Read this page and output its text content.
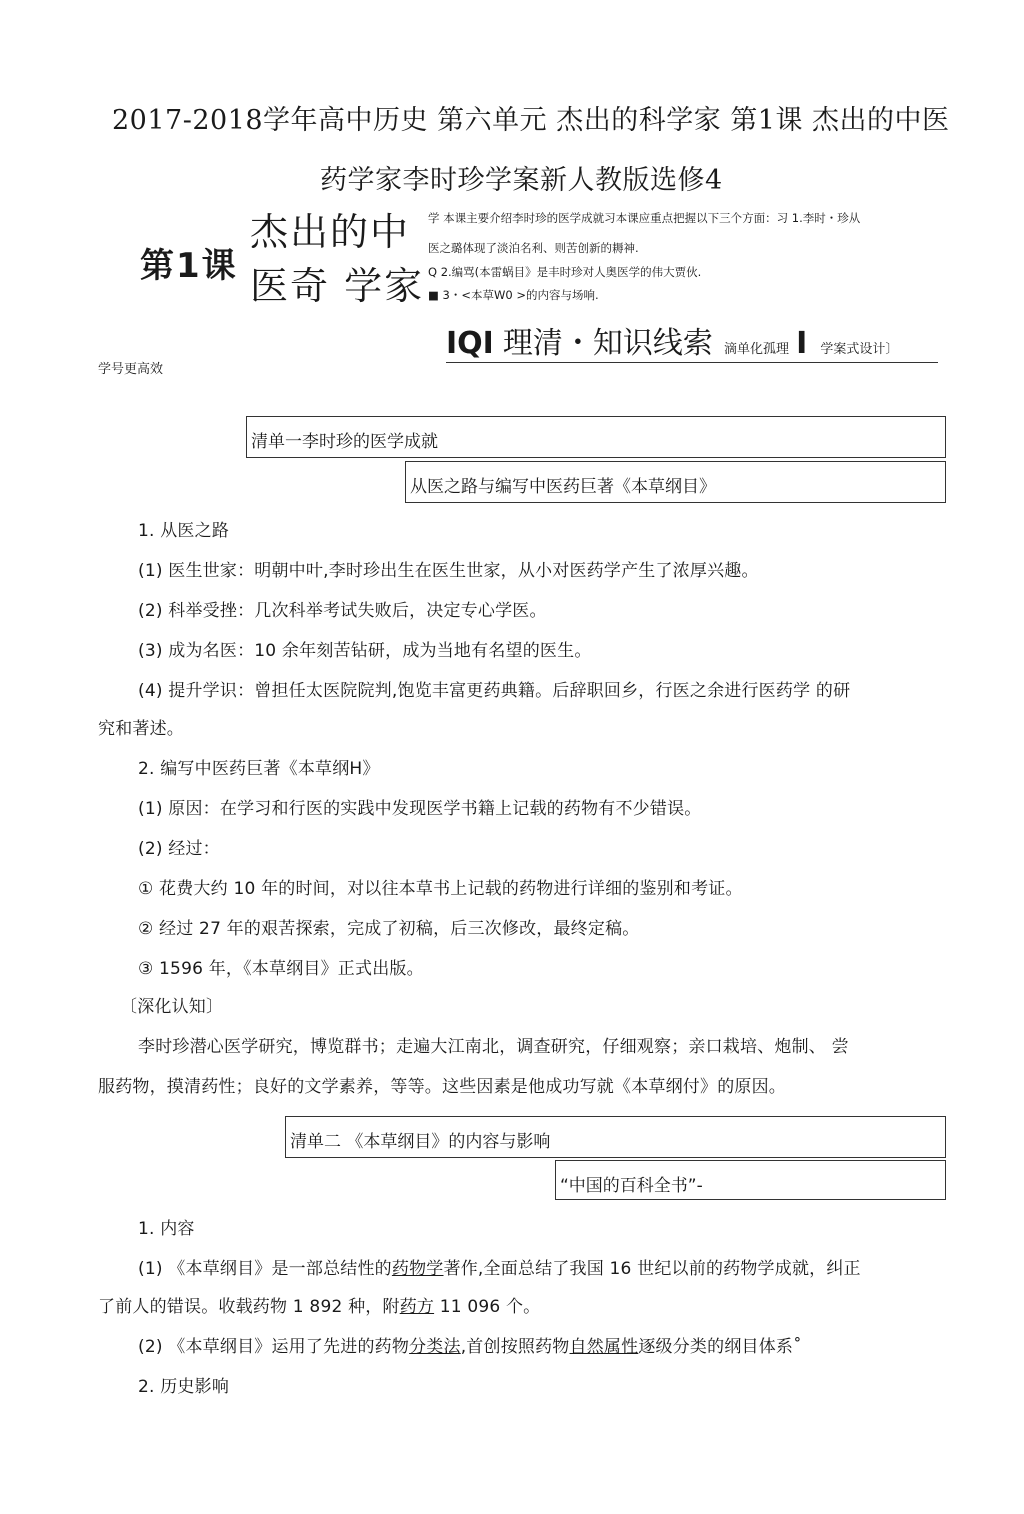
2017-2018学年高中历史 第六单元 杰出的科学家 第1课 杰出的中医
药学家李时珍学案新人教版选修4
第1课
杰出的中
医奇 学家
学 本课主要介绍李时珍的医学成就习本课应重点把握以下三个方面：习 1.李时・珍从
医之璐体现了淡泊名利、则苦创新的耨神.
Q 2.编骂(本雷蜗目》是丰时珍对人奥医学的伟大贾伙.
■ 3・<本草W0 >的内容与场响.
IQI 理清・知识线索 滴单化孤理 I 学案式设计〕
学号更高效
清单一李时珍的医学成就
从医之路与编写中医药巨著《本草纲目》
1. 从医之路
(1) 医生世家：明朝中叶,李时珍出生在医生世家，从小对医药学产生了浓厚兴趣。
(2) 科举受挫：几次科举考试失败后，决定专心学医。
(3) 成为名医：10 余年刻苦钻研，成为当地有名望的医生。
(4) 提升学识：曾担任太医院院判,饱览丰富更药典籍。后辞职回乡，行医之余进行医药学 的研
究和著述。
2. 编写中医药巨著《本草纲H》
(1) 原因：在学习和行医的实践中发现医学书籍上记载的药物有不少错误。
(2) 经过：
① 花费大约 10 年的时间，对以往本草书上记载的药物进行详细的鉴别和考证。
② 经过 27 年的艰苦探索，完成了初稿，后三次修改，最终定稿。
③ 1596 年，《本草纲目》正式出版。
〔深化认知〕
李时珍潜心医学研究，博览群书；走遍大江南北，调查研究，仔细观察；亲口栽培、炮制、 尝
服药物，摸清药性；良好的文学素养，等等。这些因素是他成功写就《本草纲付》的原因。
清单二 《本草纲目》的内容与影响
“中国的百科全书”-
1. 内容
(1) 《本草纲目》是一部总结性的药物学著作,全面总结了我国 16 世纪以前的药物学成就，纠正
了前人的错误。收载药物 1 892 种，附药方 11 096 个。
(2) 《本草纲目》运用了先进的药物分类法,首创按照药物自然属性逐级分类的纲目体系˚
2. 历史影响
